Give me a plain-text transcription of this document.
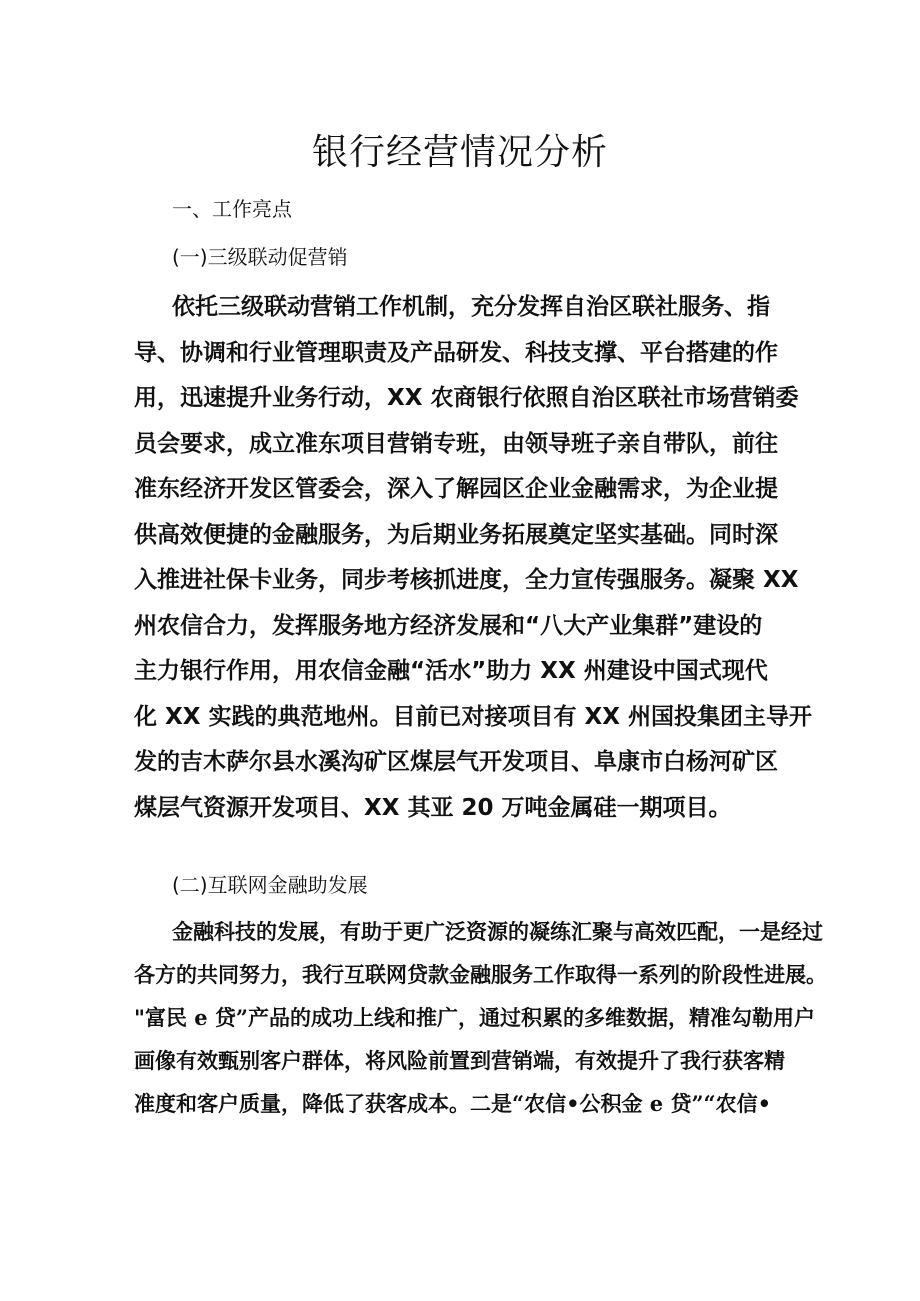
银行经营情况分析
一、工作亮点
(一)三级联动促营销

依托三级联动营销工作机制，充分发挥自治区联社服务、指
导、协调和行业管理职责及产品研发、科技支撑、平台搭建的作
用，迅速提升业务行动，XX 农商银行依照自治区联社市场营销委
员会要求，成立准东项目营销专班，由领导班子亲自带队，前往
准东经济开发区管委会，深入了解园区企业金融需求，为企业提
供高效便捷的金融服务，为后期业务拓展奠定坚实基础。同时深
入推进社保卡业务，同步考核抓进度，全力宣传强服务。凝聚 XX
州农信合力，发挥服务地方经济发展和“八大产业集群”建设的
主力银行作用，用农信金融“活水”助力 XX 州建设中国式现代
化 XX 实践的典范地州。目前已对接项目有 XX 州国投集团主导开
发的吉木萨尔县水溪沟矿区煤层气开发项目、阜康市白杨河矿区
煤层气资源开发项目、XX 其亚 20 万吨金属硅一期项目。

(二)互联网金融助发展

金融科技的发展，有助于更广泛资源的凝练汇聚与高效匹配，一是经过
各方的共同努力，我行互联网贷款金融服务工作取得一系列的阶段性进展。
"富民 e 贷”产品的成功上线和推广，通过积累的多维数据，精准勾勒用户
画像有效甄别客户群体，将风险前置到营销端，有效提升了我行获客精
准度和客户质量，降低了获客成本。二是“农信•公积金 e 贷”“农信•
